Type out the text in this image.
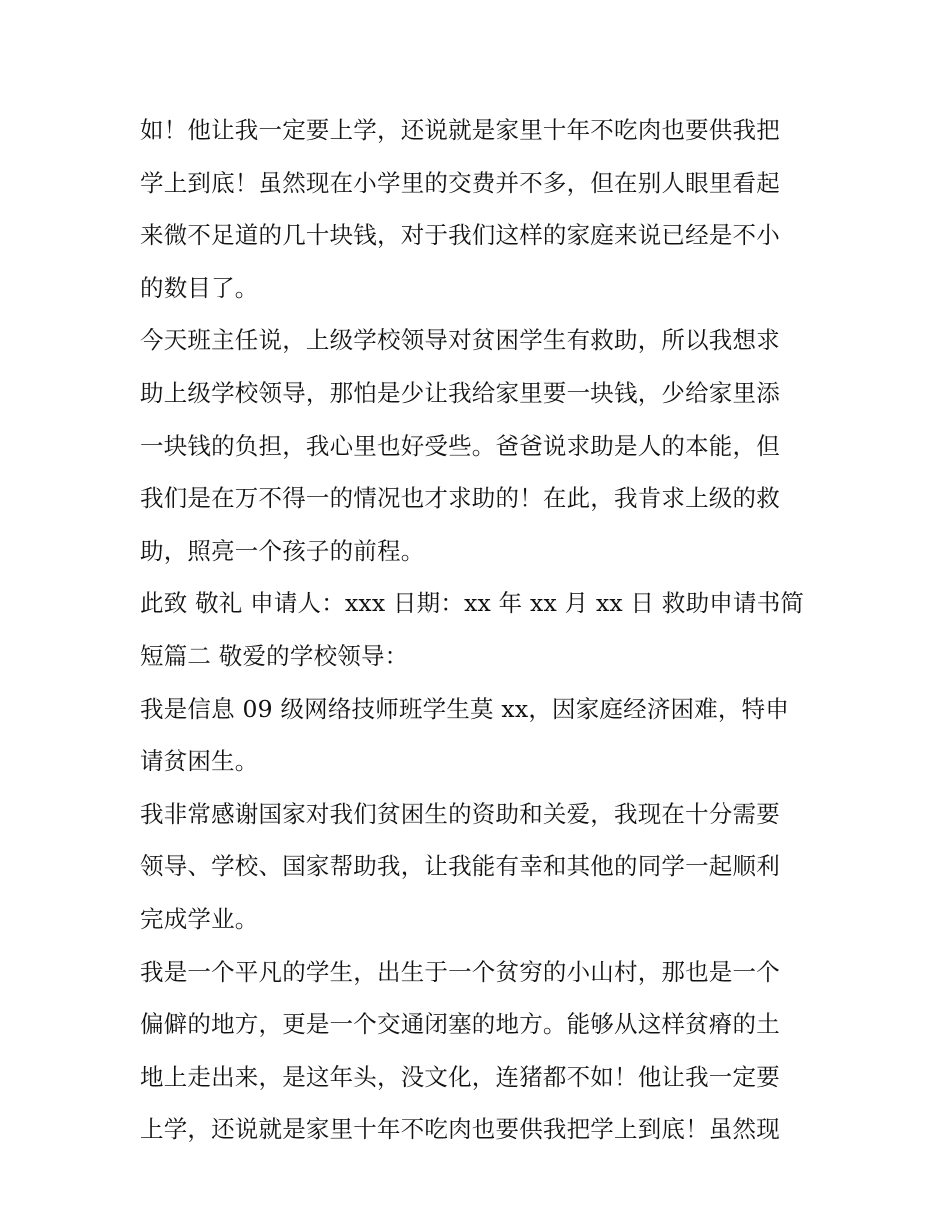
如！他让我一定要上学，还说就是家里十年不吃肉也要供我把
学上到底！虽然现在小学里的交费并不多，但在别人眼里看起
来微不足道的几十块钱，对于我们这样的家庭来说已经是不小
的数目了。
今天班主任说，上级学校领导对贫困学生有救助，所以我想求
助上级学校领导，那怕是少让我给家里要一块钱，少给家里添
一块钱的负担，我心里也好受些。爸爸说求助是人的本能，但
我们是在万不得一的情况也才求助的！在此，我肯求上级的救
助，照亮一个孩子的前程。
此致 敬礼 申请人：xxx 日期：xx 年 xx 月 xx 日 救助申请书简
短篇二 敬爱的学校领导：
我是信息 09 级网络技师班学生莫 xx，因家庭经济困难，特申
请贫困生。
我非常感谢国家对我们贫困生的资助和关爱，我现在十分需要
领导、学校、国家帮助我，让我能有幸和其他的同学一起顺利
完成学业。
我是一个平凡的学生，出生于一个贫穷的小山村，那也是一个
偏僻的地方，更是一个交通闭塞的地方。能够从这样贫瘠的土
地上走出来，是这年头，没文化，连猪都不如！他让我一定要
上学，还说就是家里十年不吃肉也要供我把学上到底！虽然现
